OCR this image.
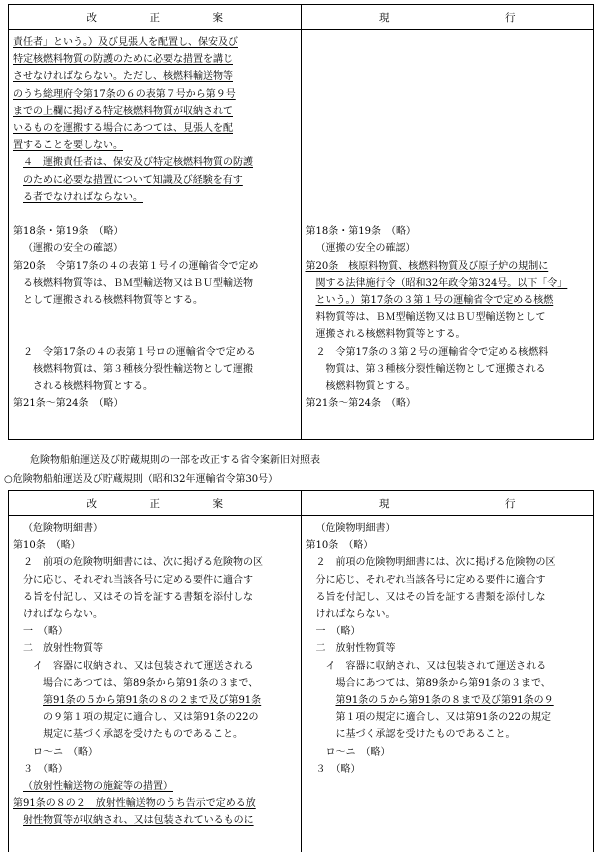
改　　　　　正　　　　　案	現　　　　　　　　　　　行

責任者」という。）及び見張人を配置し、保安及び

特定核燃料物質の防護のために必要な措置を講じ

させなければならない。ただし、核燃料輸送物等

のうち総理府令第17条の６の表第７号から第９号

までの上欄に掲げる特定核燃料物質が収納されて

いるものを運搬する場合にあつては、見張人を配

置することを要しない。

４　運搬責任者は、保安及び特定核燃料物質の防護

のために必要な措置について知識及び経験を有す

る者でなければならない。

第18条・第19条　（略）

（運搬の安全の確認）

第20条　令第17条の４の表第１号イの運輸省令で定め

る核燃料物質等は、ＢＭ型輸送物又はＢＵ型輸送物

として運搬される核燃料物質等とする。

２　令第17条の４の表第１号ロの運輸省令で定める

核燃料物質は、第３種核分裂性輸送物として運搬

される核燃料物質とする。

第21条～第24条　（略）

第18条・第19条　（略）

（運搬の安全の確認）

第20条　核原料物質、核燃料物質及び原子炉の規制に

関する法律施行令（昭和32年政令第324号。以下「令」

という。）第17条の３第１号の運輸省令で定める核燃

料物質等は、ＢＭ型輸送物又はＢＵ型輸送物として

運搬される核燃料物質等とする。

２　令第17条の３第２号の運輸省令で定める核燃料

物質は、第３種核分裂性輸送物として運搬される

核燃料物質とする。

第21条～第24条　（略）

危険物船舶運送及び貯蔵規則の一部を改正する省令案新旧対照表
○危険物船舶運送及び貯蔵規則（昭和32年運輸省令第30号）
改　　　　　正　　　　　案	現　　　　　　　　　　　行

（危険物明細書）

第10条　（略）

２　前項の危険物明細書には、次に掲げる危険物の区

分に応じ、それぞれ当該各号に定める要件に適合す

る旨を付記し、又はその旨を証する書類を添付しな

ければならない。

一　（略）

二　放射性物質等

イ　容器に収納され、又は包装されて運送される

場合にあつては、第89条から第91条の３まで、

第91条の５から第91条の８の２まで及び第91条

の９第１項の規定に適合し、又は第91条の22の

規定に基づく承認を受けたものであること。

ロ～ニ　（略）

３　（略）

（放射性輸送物の施錠等の措置）

第91条の８の２　放射性輸送物のうち告示で定める放

射性物質等が収納され、又は包装されているものに

（危険物明細書）

第10条　（略）

２　前項の危険物明細書には、次に掲げる危険物の区

分に応じ、それぞれ当該各号に定める要件に適合す

る旨を付記し、又はその旨を証する書類を添付しな

ければならない。

一　（略）

二　放射性物質等

イ　容器に収納され、又は包装されて運送される

場合にあつては、第89条から第91条の３まで、

第91条の５から第91条の８まで及び第91条の９

第１項の規定に適合し、又は第91条の22の規定

に基づく承認を受けたものであること。

ロ～ニ　（略）

３　（略）
